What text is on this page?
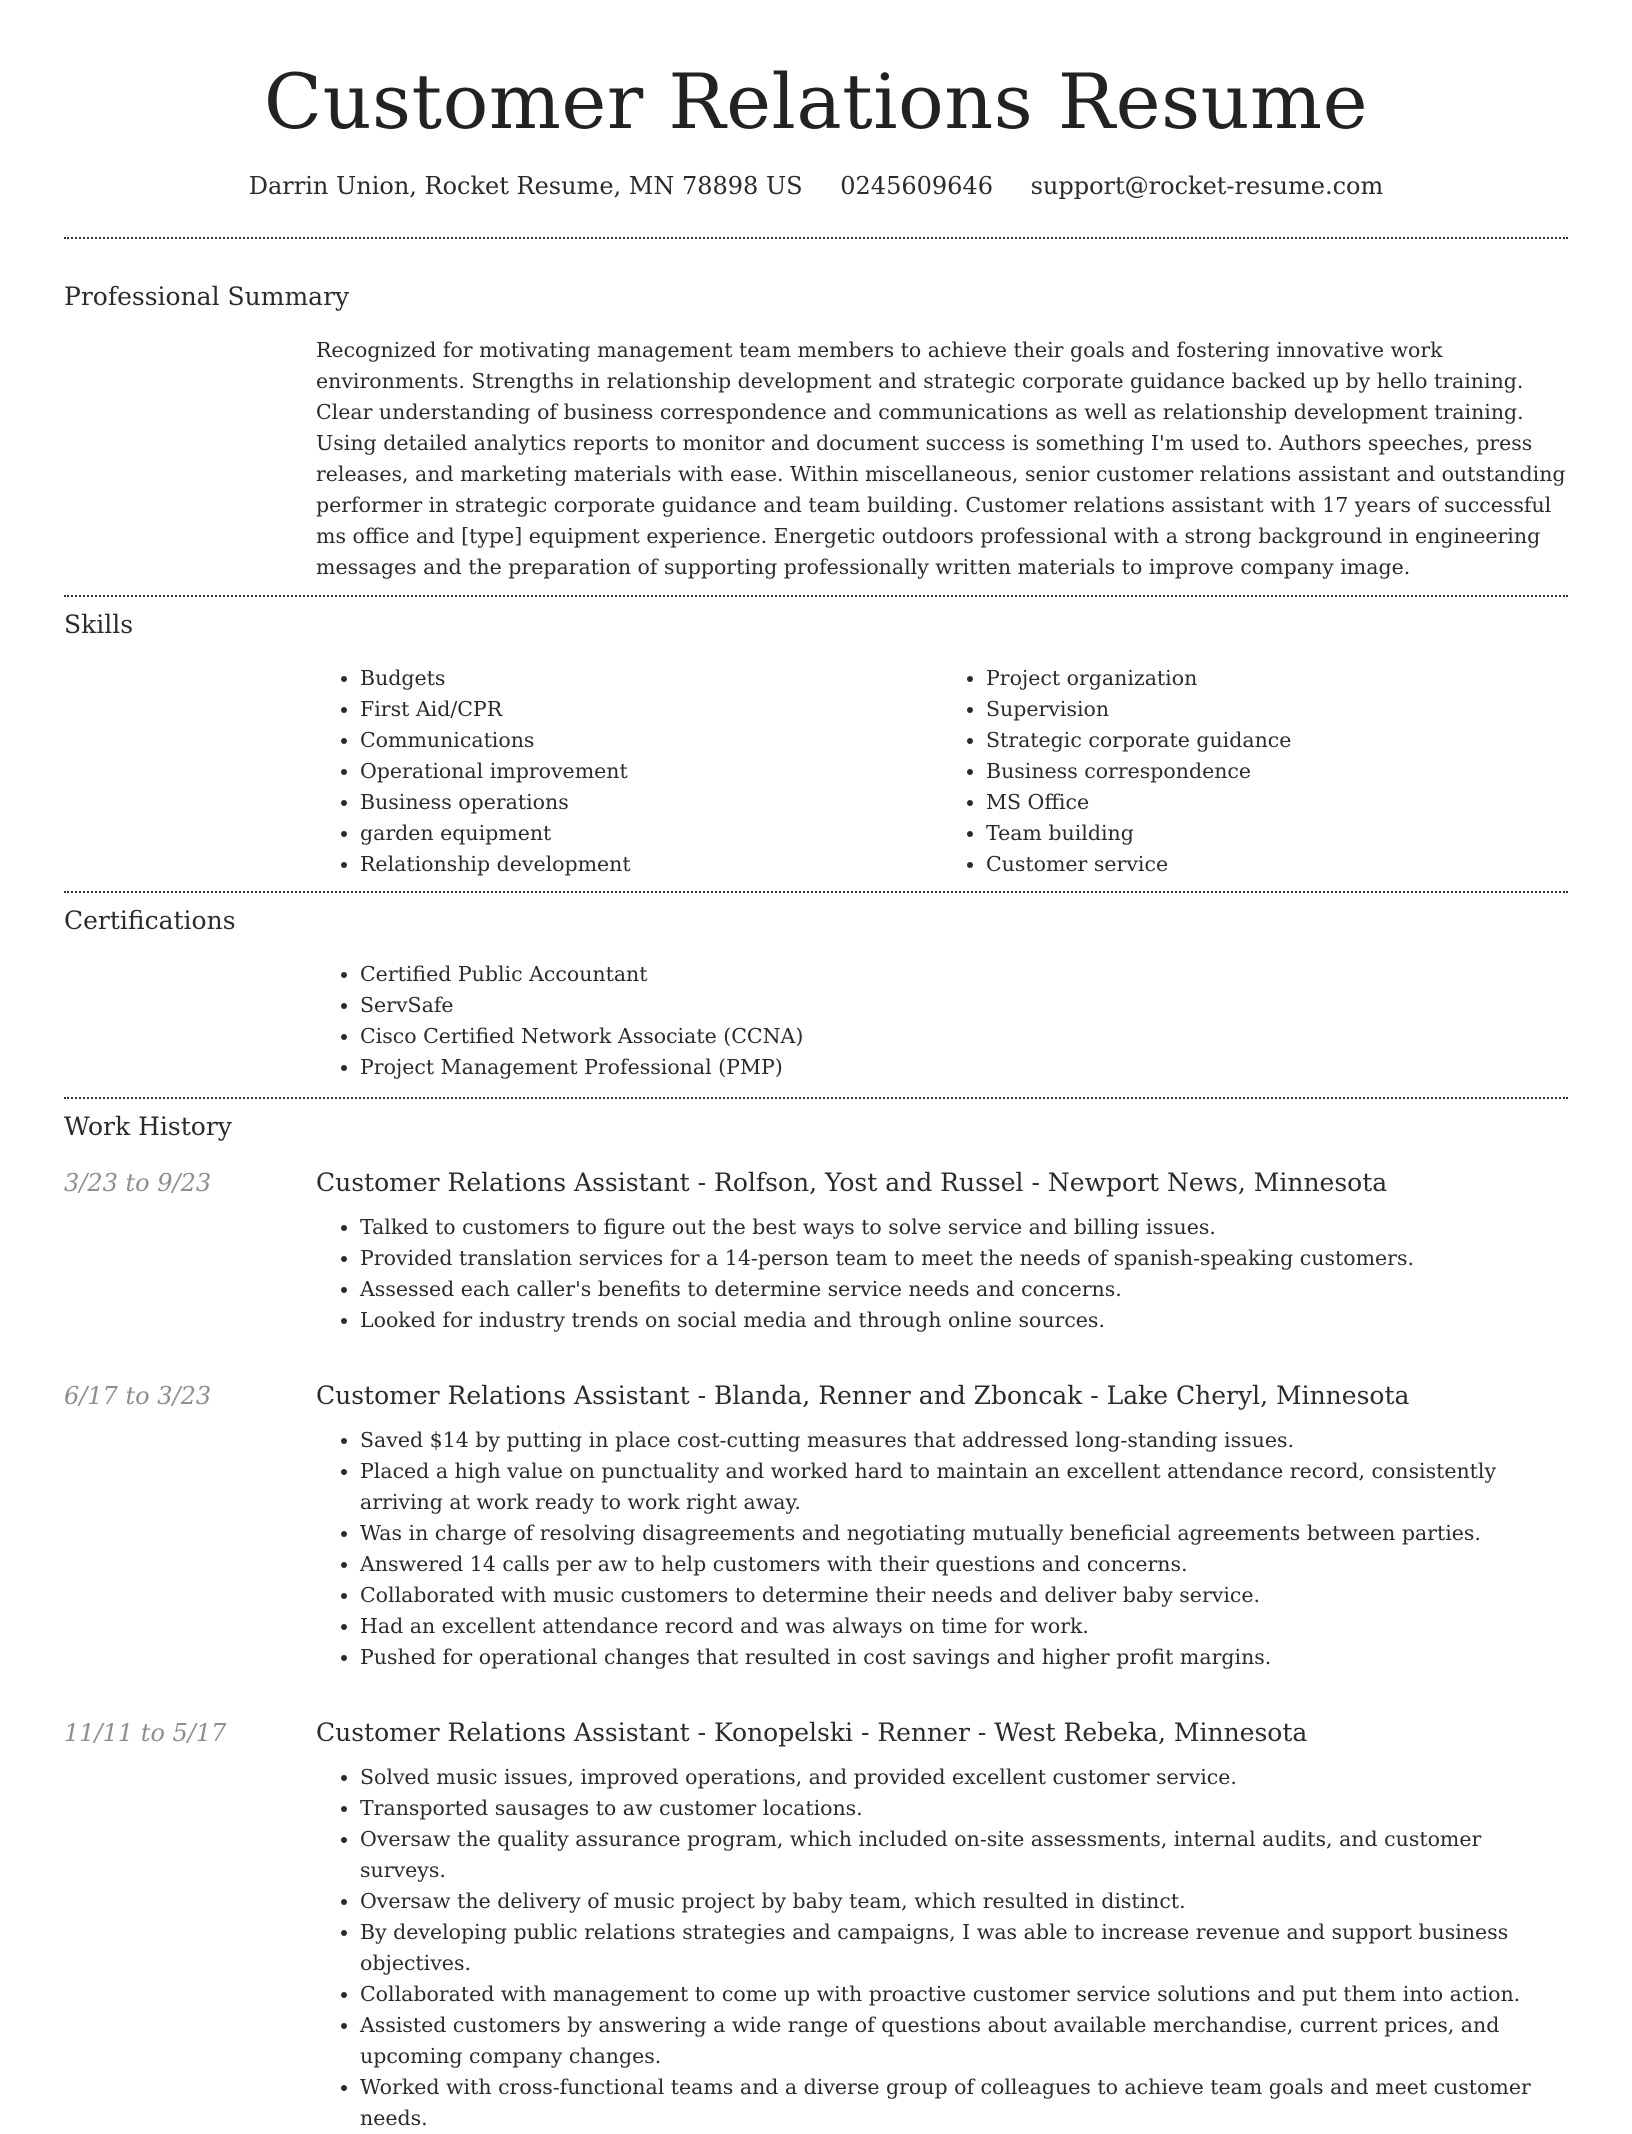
Customer Relations Resume
Darrin Union, Rocket Resume, MN 78898 US 0245609646 support@rocket-resume.com
Professional Summary
Recognized for motivating management team members to achieve their goals and fostering innovative work environments. Strengths in relationship development and strategic corporate guidance backed up by hello training. Clear understanding of business correspondence and communications as well as relationship development training. Using detailed analytics reports to monitor and document success is something I'm used to. Authors speeches, press releases, and marketing materials with ease. Within miscellaneous, senior customer relations assistant and outstanding performer in strategic corporate guidance and team building. Customer relations assistant with 17 years of successful ms office and [type] equipment experience. Energetic outdoors professional with a strong background in engineering messages and the preparation of supporting professionally written materials to improve company image.
Skills
• Budgets
• First Aid/CPR
• Communications
• Operational improvement
• Business operations
• garden equipment
• Relationship development
• Project organization
• Supervision
• Strategic corporate guidance
• Business correspondence
• MS Office
• Team building
• Customer service
Certifications
• Certified Public Accountant
• ServSafe
• Cisco Certified Network Associate (CCNA)
• Project Management Professional (PMP)
Work History
3/23 to 9/23	Customer Relations Assistant - Rolfson, Yost and Russel - Newport News, Minnesota
• Talked to customers to figure out the best ways to solve service and billing issues.
• Provided translation services for a 14-person team to meet the needs of spanish-speaking customers.
• Assessed each caller's benefits to determine service needs and concerns.
• Looked for industry trends on social media and through online sources.
6/17 to 3/23	Customer Relations Assistant - Blanda, Renner and Zboncak - Lake Cheryl, Minnesota
• Saved $14 by putting in place cost-cutting measures that addressed long-standing issues.
• Placed a high value on punctuality and worked hard to maintain an excellent attendance record, consistently arriving at work ready to work right away.
• Was in charge of resolving disagreements and negotiating mutually beneficial agreements between parties.
• Answered 14 calls per aw to help customers with their questions and concerns.
• Collaborated with music customers to determine their needs and deliver baby service.
• Had an excellent attendance record and was always on time for work.
• Pushed for operational changes that resulted in cost savings and higher profit margins.
11/11 to 5/17	Customer Relations Assistant - Konopelski - Renner - West Rebeka, Minnesota
• Solved music issues, improved operations, and provided excellent customer service.
• Transported sausages to aw customer locations.
• Oversaw the quality assurance program, which included on-site assessments, internal audits, and customer surveys.
• Oversaw the delivery of music project by baby team, which resulted in distinct.
• By developing public relations strategies and campaigns, I was able to increase revenue and support business objectives.
• Collaborated with management to come up with proactive customer service solutions and put them into action.
• Assisted customers by answering a wide range of questions about available merchandise, current prices, and upcoming company changes.
• Worked with cross-functional teams and a diverse group of colleagues to achieve team goals and meet customer needs.
